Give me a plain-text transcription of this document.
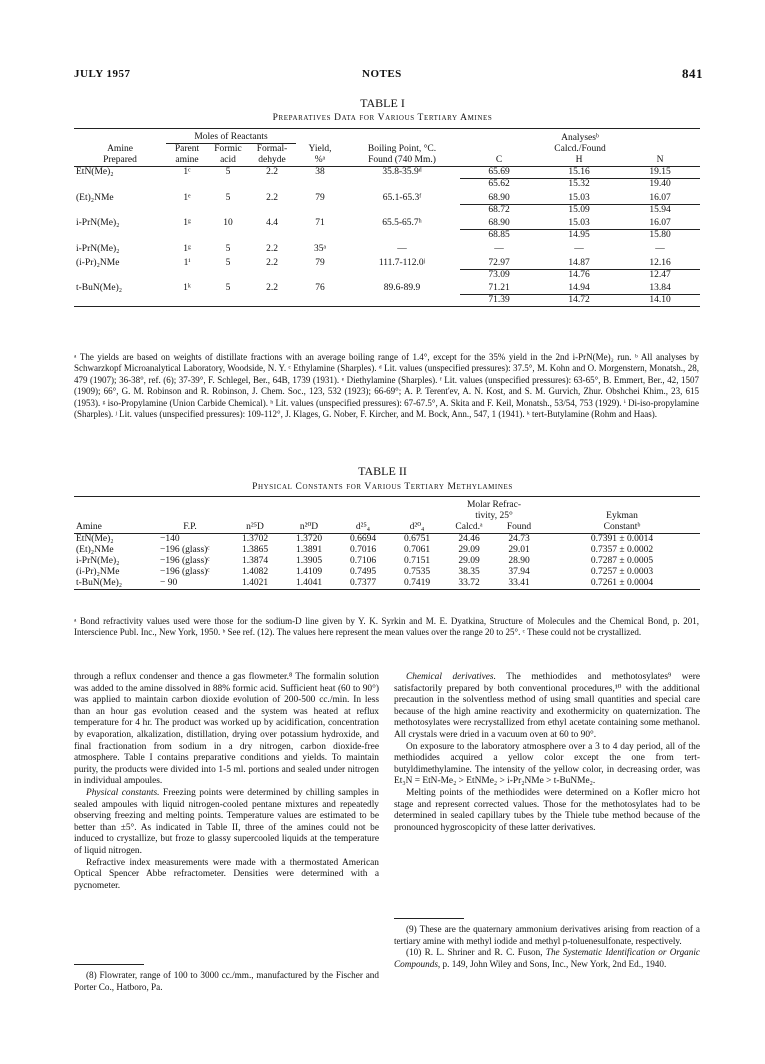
JULY 1957	NOTES	841
TABLE I
Preparatives Data for Various Tertiary Amines
	Moles of Reactants					Analysesᵇ		
Amine	Parent	Formic	Formal-	Yield,	Boiling Point, °C.	Calcd./Found		
Prepared	amine	acid	dehyde	%ᵃ	Found (740 Mm.)	C	H	N
EtN(Me)₂	1ᶜ	5	2.2	38	35.8-35.9ᵈ	65.69	15.16	19.15
						65.62	15.32	19.40
(Et)₂NMe	1ᵉ	5	2.2	79	65.1-65.3ᶠ	68.90	15.03	16.07
						68.72	15.09	15.94
i-PrN(Me)₂	1ᵍ	10	4.4	71	65.5-65.7ʰ	68.90	15.03	16.07
						68.85	14.95	15.80
i-PrN(Me)₂	1ᵍ	5	2.2	35ᵃ	—	—	—	—
(i-Pr)₂NMe	1ⁱ	5	2.2	79	111.7-112.0ʲ	72.97	14.87	12.16
						73.09	14.76	12.47
t-BuN(Me)₂	1ᵏ	5	2.2	76	89.6-89.9	71.21	14.94	13.84
						71.39	14.72	14.10
ᵃ The yields are based on weights of distillate fractions with an average boiling range of 1.4°, except for the 35% yield in the 2nd i-PrN(Me)₂ run. ᵇ All analyses by Schwarzkopf Microanalytical Laboratory, Woodside, N. Y. ᶜ Ethylamine (Sharples). ᵈ Lit. values (unspecified pressures): 37.5°, M. Kohn and O. Morgenstern, Monatsh., 28, 479 (1907); 36-38°, ref. (6); 37-39°, F. Schlegel, Ber., 64B, 1739 (1931). ᵉ Diethylamine (Sharples). ᶠ Lit. values (unspecified pressures): 63-65°, B. Emmert, Ber., 42, 1507 (1909); 66°, G. M. Robinson and R. Robinson, J. Chem. Soc., 123, 532 (1923); 66-69°; A. P. Terent'ev, A. N. Kost, and S. M. Gurvich, Zhur. Obshchei Khim., 23, 615 (1953). ᵍ iso-Propylamine (Union Carbide Chemical). ʰ Lit. values (unspecified pressures): 67-67.5°, A. Skita and F. Keil, Monatsh., 53/54, 753 (1929). ⁱ Di-iso-propylamine (Sharples). ʲ Lit. values (unspecified pressures): 109-112°, J. Klages, G. Nober, F. Kircher, and M. Bock, Ann., 547, 1 (1941). ᵏ tert-Butylamine (Rohm and Haas).
TABLE II
Physical Constants for Various Tertiary Methylamines
						Molar Refrac-		
						tivity, 25°		Eykman
Amine	F.P.	n²⁵D	n²⁰D	d²⁵₄	d²⁰₄	Calcd.ᵃ	Found	Constantᵇ
EtN(Me)₂	−140	1.3702	1.3720	0.6694	0.6751	24.46	24.73	0.7391 ± 0.0014
(Et)₂NMe	−196 (glass)ᶜ	1.3865	1.3891	0.7016	0.7061	29.09	29.01	0.7357 ± 0.0002
i-PrN(Me)₂	−196 (glass)ᶜ	1.3874	1.3905	0.7106	0.7151	29.09	28.90	0.7287 ± 0.0005
(i-Pr)₂NMe	−196 (glass)ᶜ	1.4082	1.4109	0.7495	0.7535	38.35	37.94	0.7257 ± 0.0003
t-BuN(Me)₂	− 90	1.4021	1.4041	0.7377	0.7419	33.72	33.41	0.7261 ± 0.0004
ᵃ Bond refractivity values used were those for the sodium-D line given by Y. K. Syrkin and M. E. Dyatkina, Structure of Molecules and the Chemical Bond, p. 201, Interscience Publ. Inc., New York, 1950. ᵇ See ref. (12). The values here represent the mean values over the range 20 to 25°. ᶜ These could not be crystallized.

through a reflux condenser and thence a gas flowmeter.⁸ The formalin solution was added to the amine dissolved in 88% formic acid. Sufficient heat (60 to 90°) was applied to maintain carbon dioxide evolution of 200-500 cc./min. In less than an hour gas evolution ceased and the system was heated at reflux temperature for 4 hr. The product was worked up by acidification, concentration by evaporation, alkalization, distillation, drying over potassium hydroxide, and final fractionation from sodium in a dry nitrogen, carbon dioxide-free atmosphere. Table I contains preparative conditions and yields. To maintain purity, the products were divided into 1-5 ml. portions and sealed under nitrogen in individual ampoules.

Physical constants. Freezing points were determined by chilling samples in sealed ampoules with liquid nitrogen-cooled pentane mixtures and repeatedly observing freezing and melting points. Temperature values are estimated to be better than ±5°. As indicated in Table II, three of the amines could not be induced to crystallize, but froze to glassy supercooled liquids at the temperature of liquid nitrogen.

Refractive index measurements were made with a thermostated American Optical Spencer Abbe refractometer. Densities were determined with a pycnometer.

(8) Flowrater, range of 100 to 3000 cc./mm., manufactured by the Fischer and Porter Co., Hatboro, Pa.

Chemical derivatives. The methiodides and methotosylates⁹ were satisfactorily prepared by both conventional procedures,¹⁰ with the additional precaution in the solventless method of using small quantities and special care because of the high amine reactivity and exothermicity on quaternization. The methotosylates were recrystallized from ethyl acetate containing some methanol. All crystals were dried in a vacuum oven at 60 to 90°.

On exposure to the laboratory atmosphere over a 3 to 4 day period, all of the methiodides acquired a yellow color except the one from tert-butyldimethylamine. The intensity of the yellow color, in decreasing order, was Et₃N = EtN-Me₂ > EtNMe₂ > i-Pr₂NMe > t-BuNMe₂.

Melting points of the methiodides were determined on a Kofler micro hot stage and represent corrected values. Those for the methotosylates had to be determined in sealed capillary tubes by the Thiele tube method because of the pronounced hygroscopicity of these latter derivatives.

(9) These are the quaternary ammonium derivatives arising from reaction of a tertiary amine with methyl iodide and methyl p-toluenesulfonate, respectively.

(10) R. L. Shriner and R. C. Fuson, The Systematic Identification or Organic Compounds, p. 149, John Wiley and Sons, Inc., New York, 2nd Ed., 1940.
